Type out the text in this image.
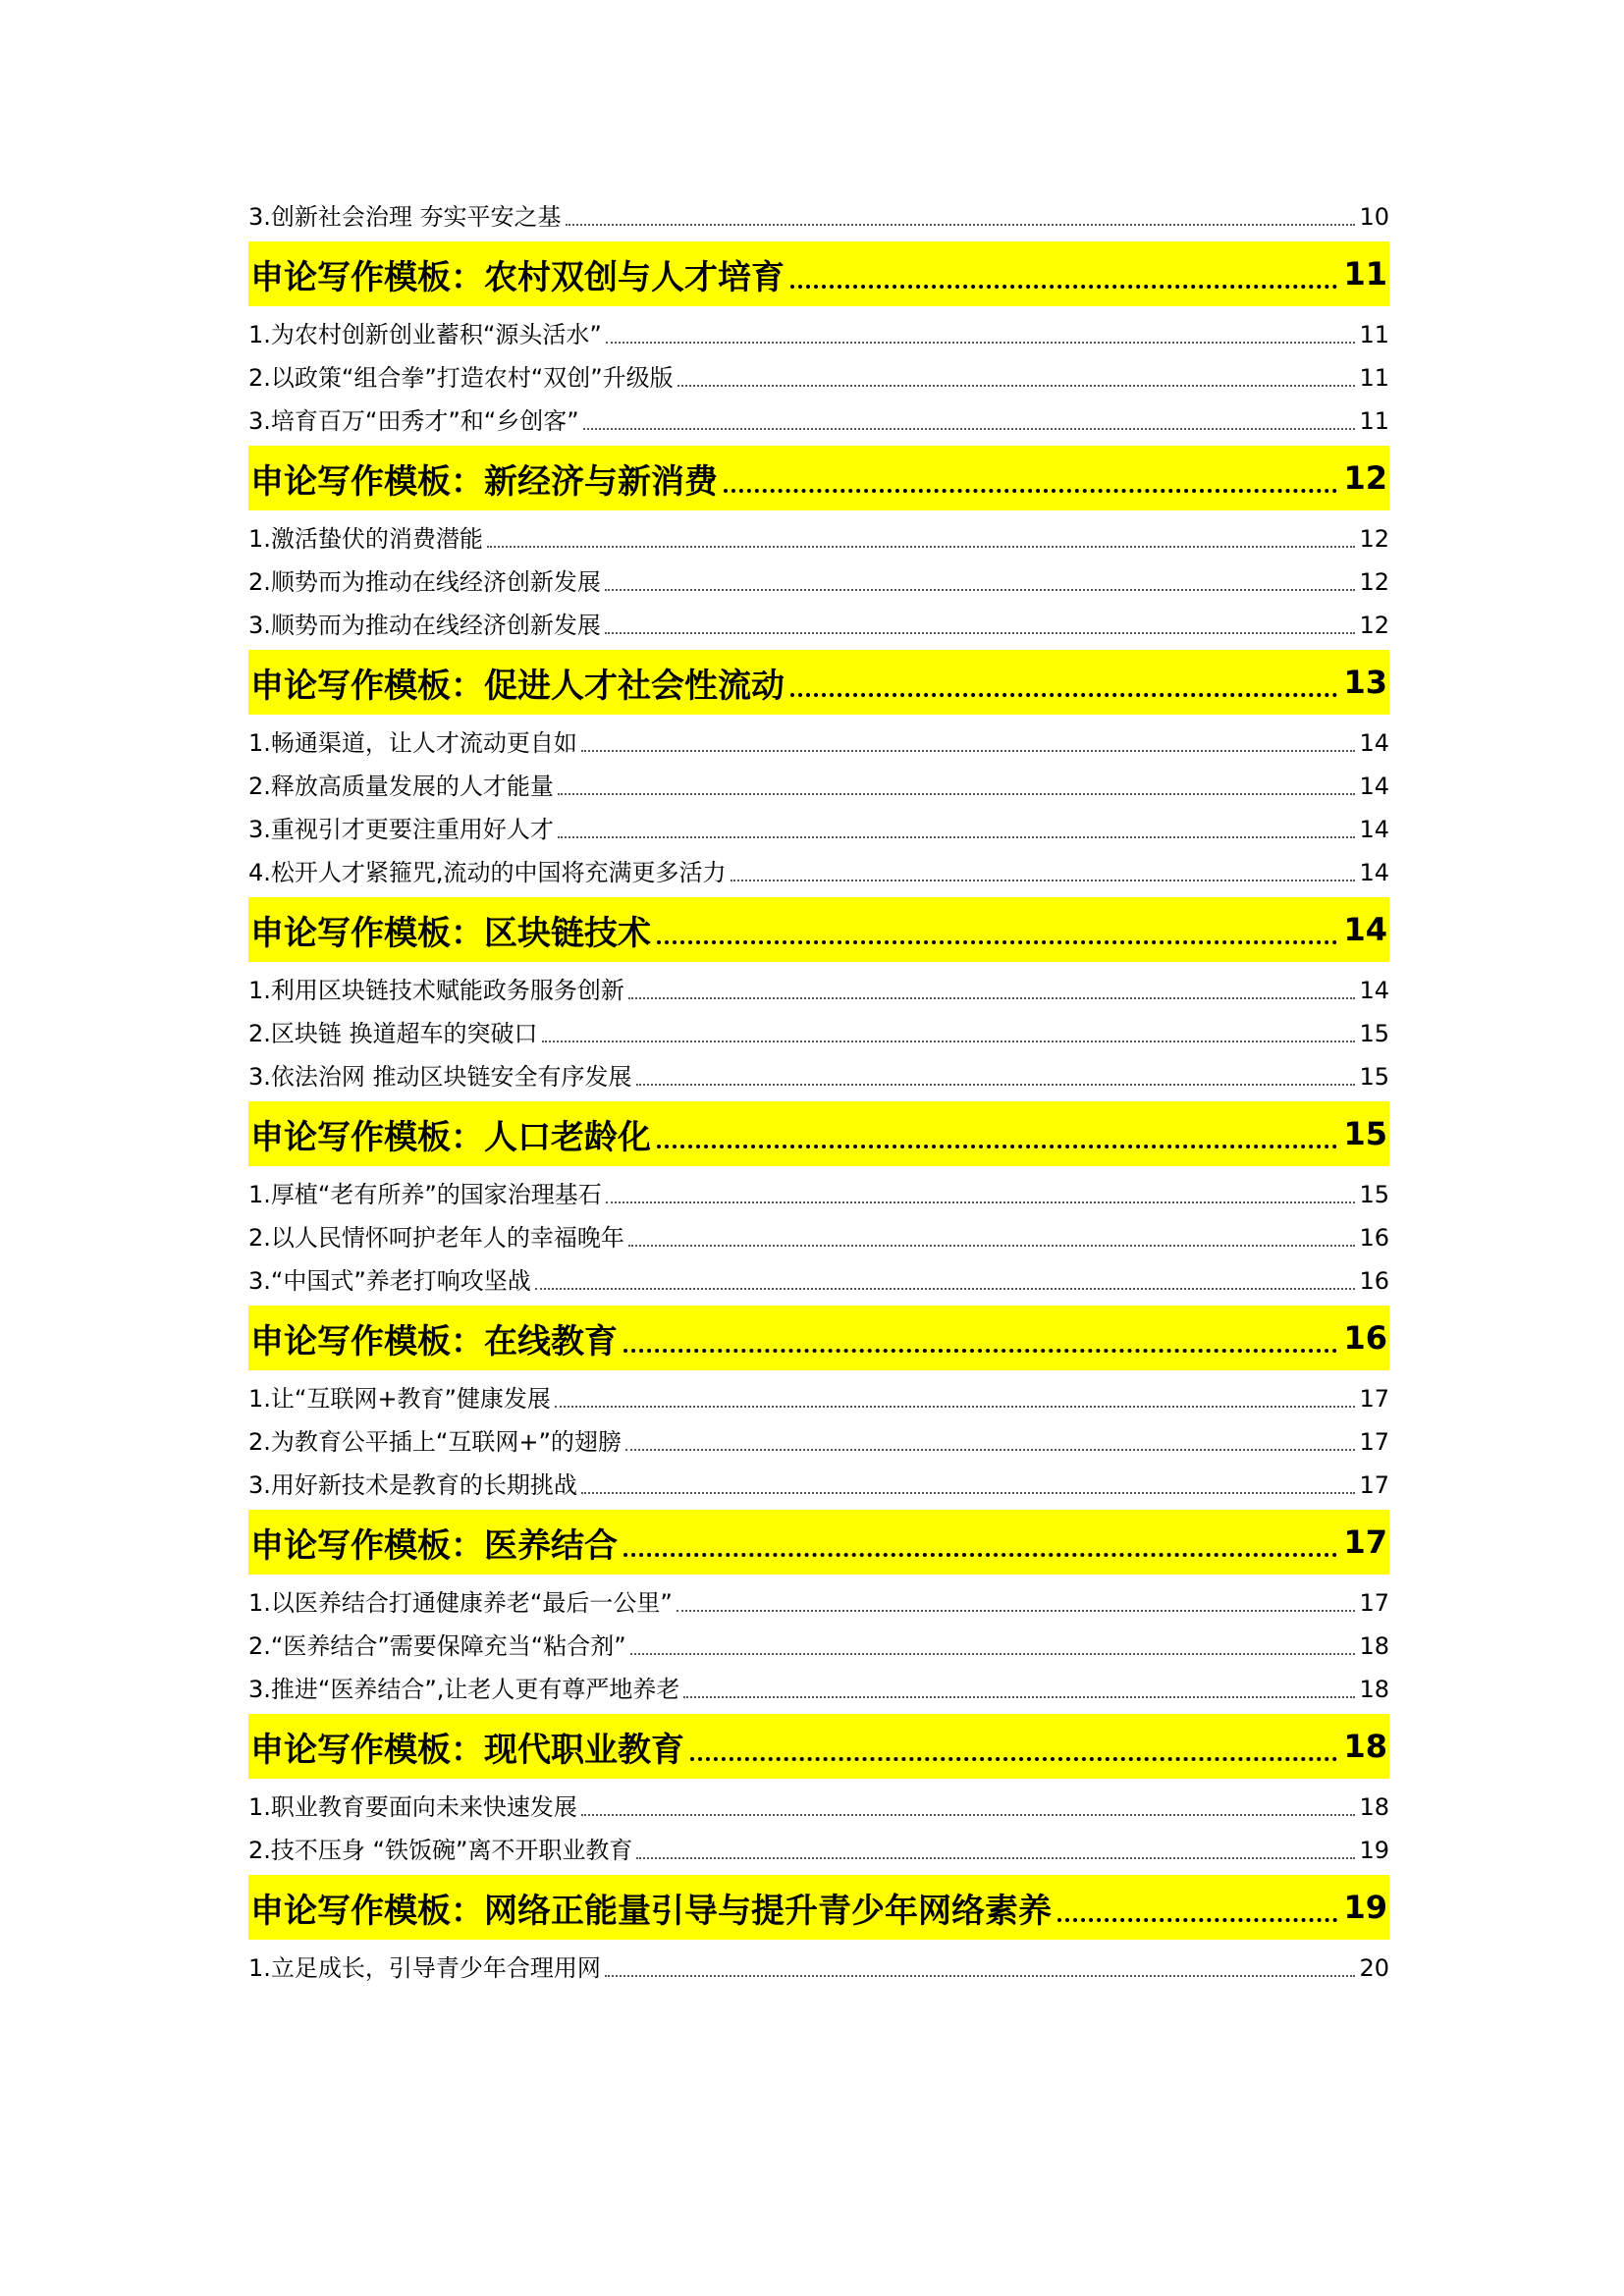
3.创新社会治理 夯实平安之基	10
申论写作模板：农村双创与人才培育	11
1.为农村创新创业蓄积“源头活水”	11
2.以政策“组合拳”打造农村“双创”升级版	11
3.培育百万“田秀才”和“乡创客”	11
申论写作模板：新经济与新消费	12
1.激活蛰伏的消费潜能	12
2.顺势而为推动在线经济创新发展	12
3.顺势而为推动在线经济创新发展	12
申论写作模板：促进人才社会性流动	13
1.畅通渠道，让人才流动更自如	14
2.释放高质量发展的人才能量	14
3.重视引才更要注重用好人才	14
4.松开人才紧箍咒,流动的中国将充满更多活力	14
申论写作模板：区块链技术	14
1.利用区块链技术赋能政务服务创新	14
2.区块链 换道超车的突破口	15
3.依法治网 推动区块链安全有序发展	15
申论写作模板：人口老龄化	15
1.厚植“老有所养”的国家治理基石	15
2.以人民情怀呵护老年人的幸福晚年	16
3.“中国式”养老打响攻坚战	16
申论写作模板：在线教育	16
1.让“互联网+教育”健康发展	17
2.为教育公平插上“互联网+”的翅膀	17
3.用好新技术是教育的长期挑战	17
申论写作模板：医养结合	17
1.以医养结合打通健康养老“最后一公里”	17
2.“医养结合”需要保障充当“粘合剂”	18
3.推进“医养结合”,让老人更有尊严地养老	18
申论写作模板：现代职业教育	18
1.职业教育要面向未来快速发展	18
2.技不压身 “铁饭碗”离不开职业教育	19
申论写作模板：网络正能量引导与提升青少年网络素养	19
1.立足成长，引导青少年合理用网	20
